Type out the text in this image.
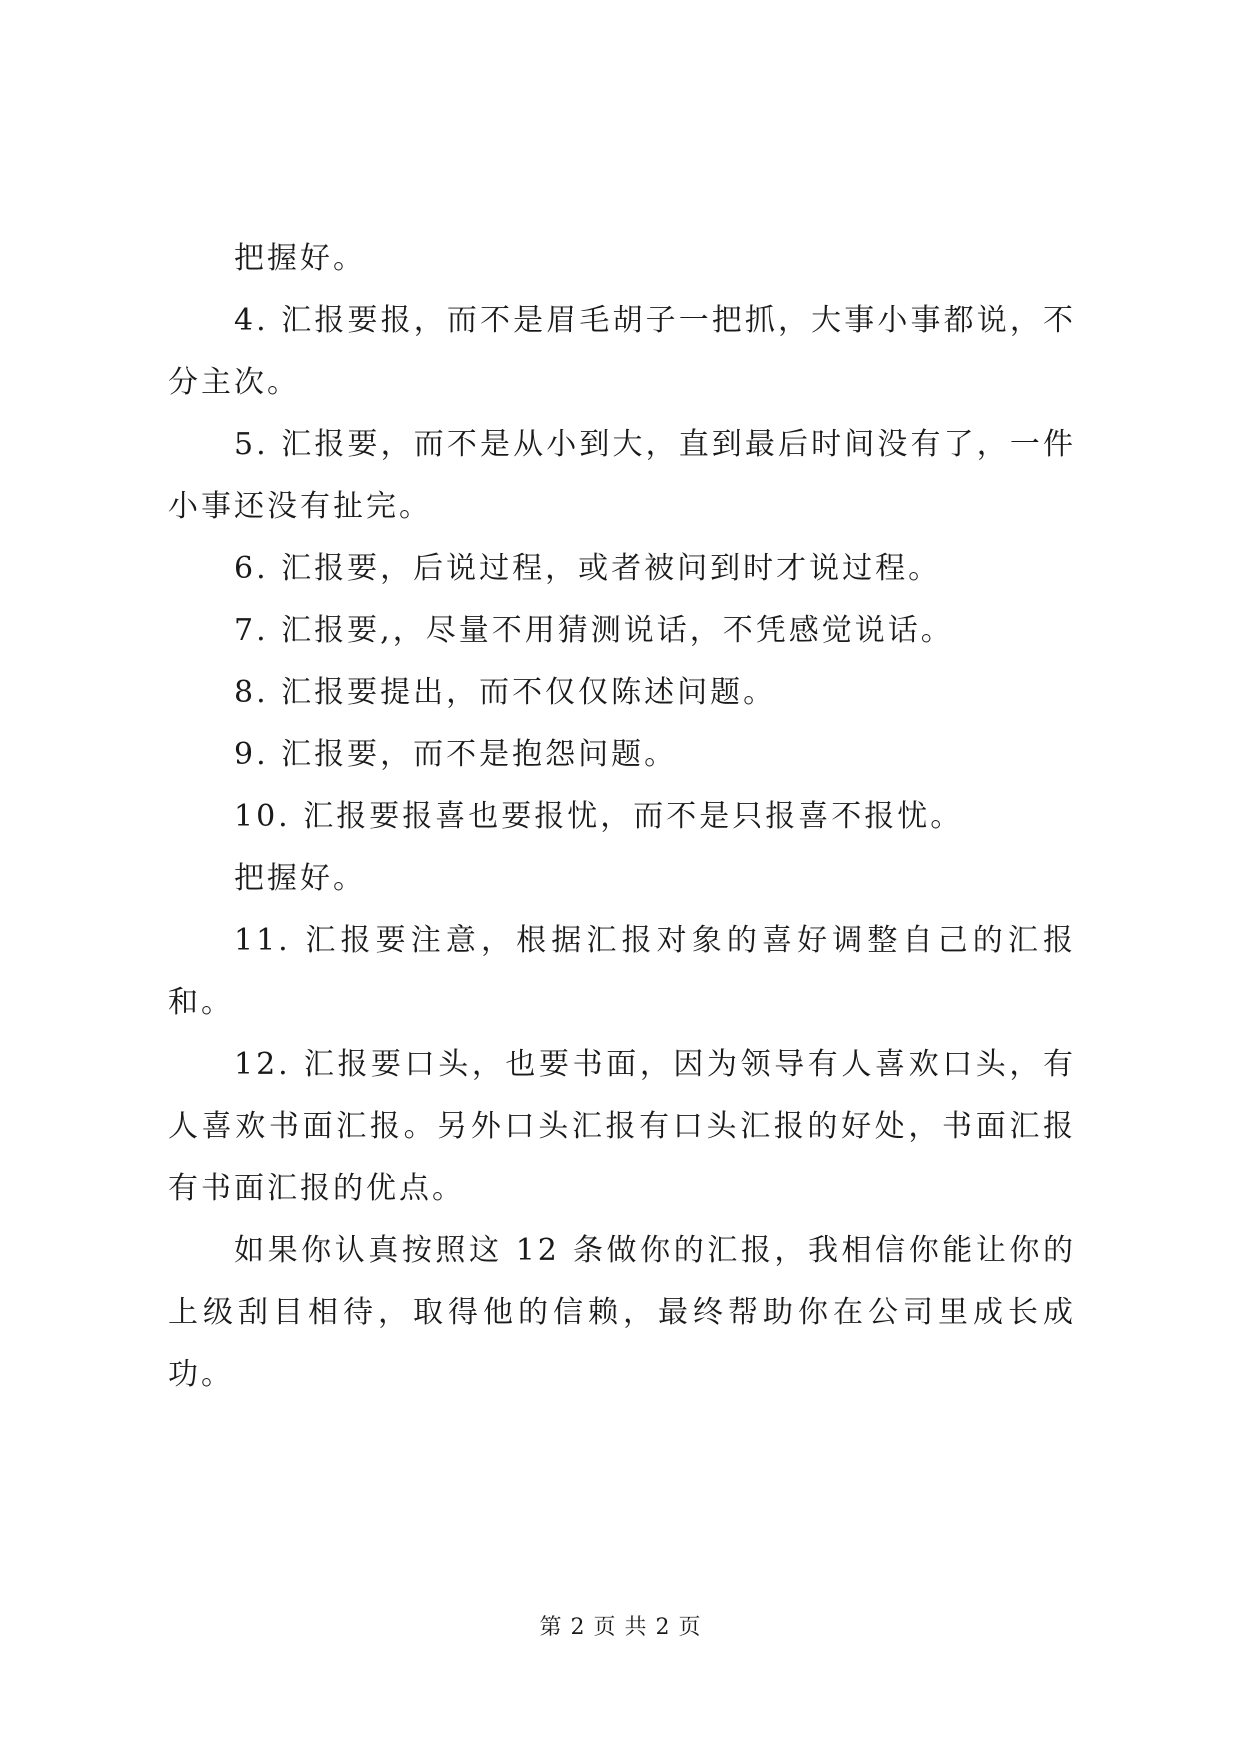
把握好。

4. 汇报要报，而不是眉毛胡子一把抓，大事小事都说，不分主次。

5. 汇报要，而不是从小到大，直到最后时间没有了，一件小事还没有扯完。

6. 汇报要，后说过程，或者被问到时才说过程。

7. 汇报要,，尽量不用猜测说话，不凭感觉说话。

8. 汇报要提出，而不仅仅陈述问题。

9. 汇报要，而不是抱怨问题。

10. 汇报要报喜也要报忧，而不是只报喜不报忧。

把握好。

11. 汇报要注意，根据汇报对象的喜好调整自己的汇报和。

12. 汇报要口头，也要书面，因为领导有人喜欢口头，有人喜欢书面汇报。另外口头汇报有口头汇报的好处，书面汇报有书面汇报的优点。

如果你认真按照这 12 条做你的汇报，我相信你能让你的上级刮目相待，取得他的信赖，最终帮助你在公司里成长成功。

第 2 页 共 2 页
